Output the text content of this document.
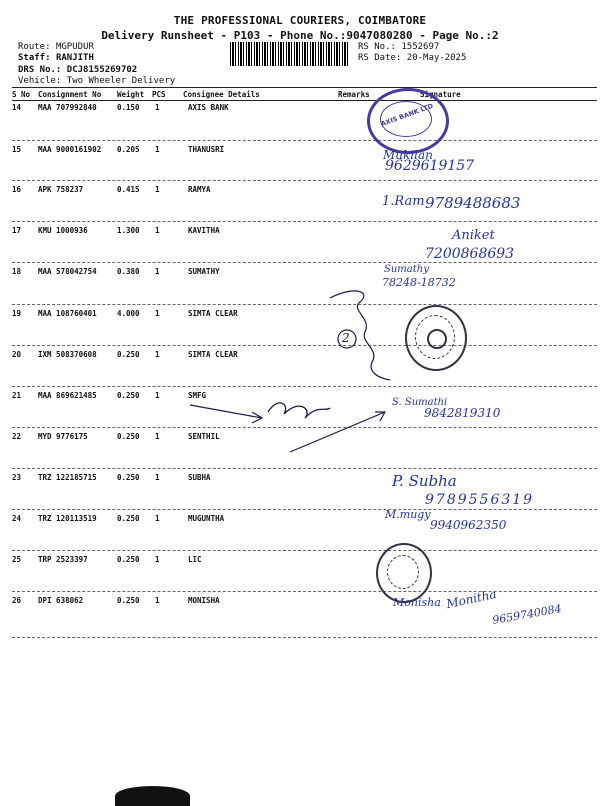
THE PROFESSIONAL COURIERS, COIMBATORE
Delivery Runsheet - P103 - Phone No.:9047080280 - Page No.:2
Route: MGPUDUR
Staff: RANJITH
DRS No.: DCJ8155269702
Vehicle: Two Wheeler Delivery
RS No.: 1552697
RS Date: 20-May-2025
S No Consignment No Weight PCS Consignee Details	Remarks	Signature
14 MAA 707992840	0.150 1	AXIS BANK
15 MAA 9000161902 0.205 1	THANUSRI
16 APK 758237	0.415 1	RAMYA
17 KMU 1000936	1.300 1	KAVITHA
18 MAA 578042754	0.380 1	SUMATHY
19 MAA 108760401	4.000 1	SIMTA CLEAR
20 IXM 508370608	0.250 1	SIMTA CLEAR
21 MAA 869621485	0.250 1	SMFG
22 MYD 9776175	0.250 1	SENTHIL
23 TRZ 122185715	0.250 1	SUBHA
24 TRZ 120113519	0.250 1	MUGUNTHA
25 TRP 2523397	0.250 1	LIC
26 DPI 638062	0.250 1	MONISHA
AXIS BANK LTD
Mukilan
9629619157
1.Ram 9789488683
Aniket
7200868693
Sumathy
78248-18732
2
S. Sumathi
9842819310
P. Subha
9789556319
M.mugy
9940962350
Monisha Monitha
9659740084
